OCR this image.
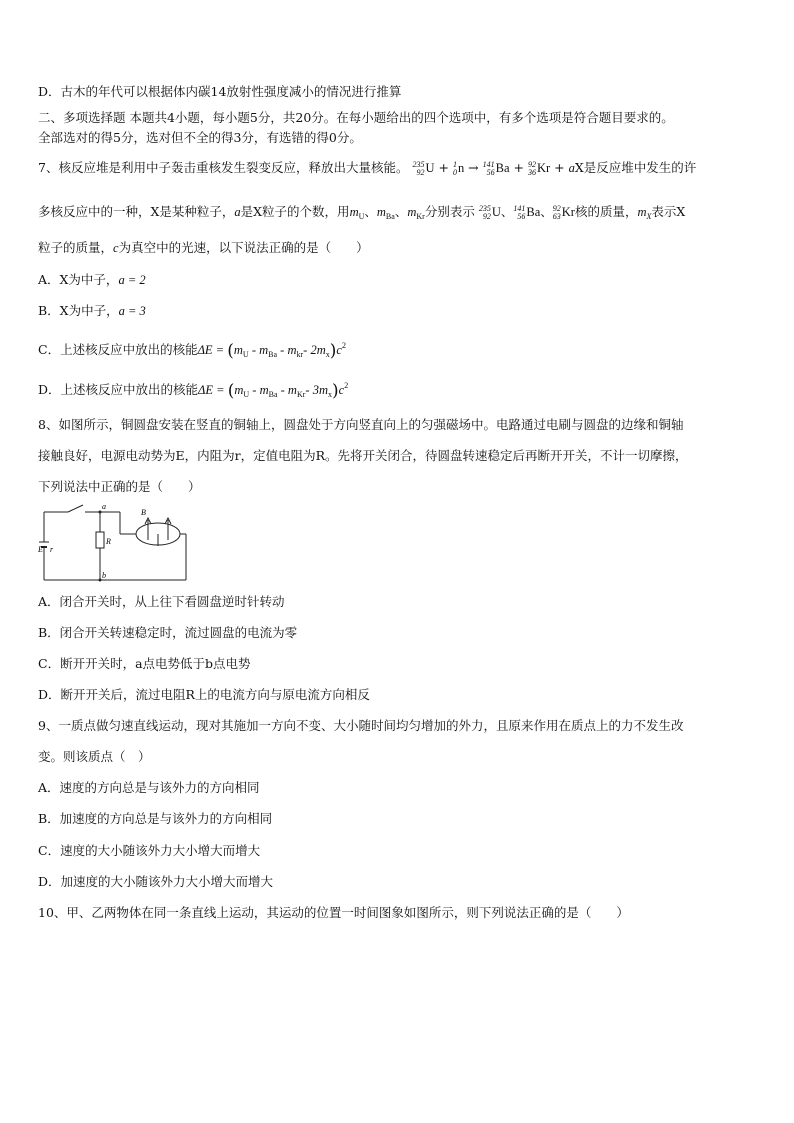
D．古木的年代可以根据体内碳14放射性强度减小的情况进行推算
二、多项选择题 本题共4小题，每小题5分，共20分。在每小题给出的四个选项中，有多个选项是符合题目要求的。
全部选对的得5分，选对但不全的得3分，有选错的得0分。
7、核反应堆是利用中子轰击重核发生裂变反应，释放出大量核能。 235
92 U + 1
0 n → 141
56 Ba + 92
36 Kr + aX是反应堆中发生的许
多核反应中的一种，X是某种粒子，a是X粒子的个数，用$m_U$、$m_{Ba}$、$m_{Kr}$分别表示 235
92 U、 141
56 Ba、 92
63 Kr核的质量，$m_X$表示X
粒子的质量，c为真空中的光速，以下说法正确的是（　　）
A．X为中子，a = 2
B．X为中子，a = 3
C．上述核反应中放出的核能$\Delta E = (m_U - m_{Ba} - m_{kr}-$ $2m_x)c^2$
D．上述核反应中放出的核能$\Delta E = (m_U - m_{Ba} - m_{Kr}-$ $3m_x)c^2$
8、如图所示，铜圆盘安装在竖直的铜轴上，圆盘处于方向竖直向上的匀强磁场中。电路通过电刷与圆盘的边缘和铜轴
接触良好，电源电动势为E，内阻为r，定值电阻为R。先将开关闭合，待圆盘转速稳定后再断开开关，不计一切摩擦，
下列说法中正确的是（　　）
a
b
R
B
E r
A．闭合开关时，从上往下看圆盘逆时针转动
B．闭合开关转速稳定时，流过圆盘的电流为零
C．断开开关时，a点电势低于b点电势
D．断开开关后，流过电阻R上的电流方向与原电流方向相反
9、一质点做匀速直线运动，现对其施加一方向不变、大小随时间均匀增加的外力，且原来作用在质点上的力不发生改
变。则该质点（　）
A．速度的方向总是与该外力的方向相同
B．加速度的方向总是与该外力的方向相同
C．速度的大小随该外力大小增大而增大
D．加速度的大小随该外力大小增大而增大
10、甲、乙两物体在同一条直线上运动，其运动的位置一时间图象如图所示，则下列说法正确的是（　　）
